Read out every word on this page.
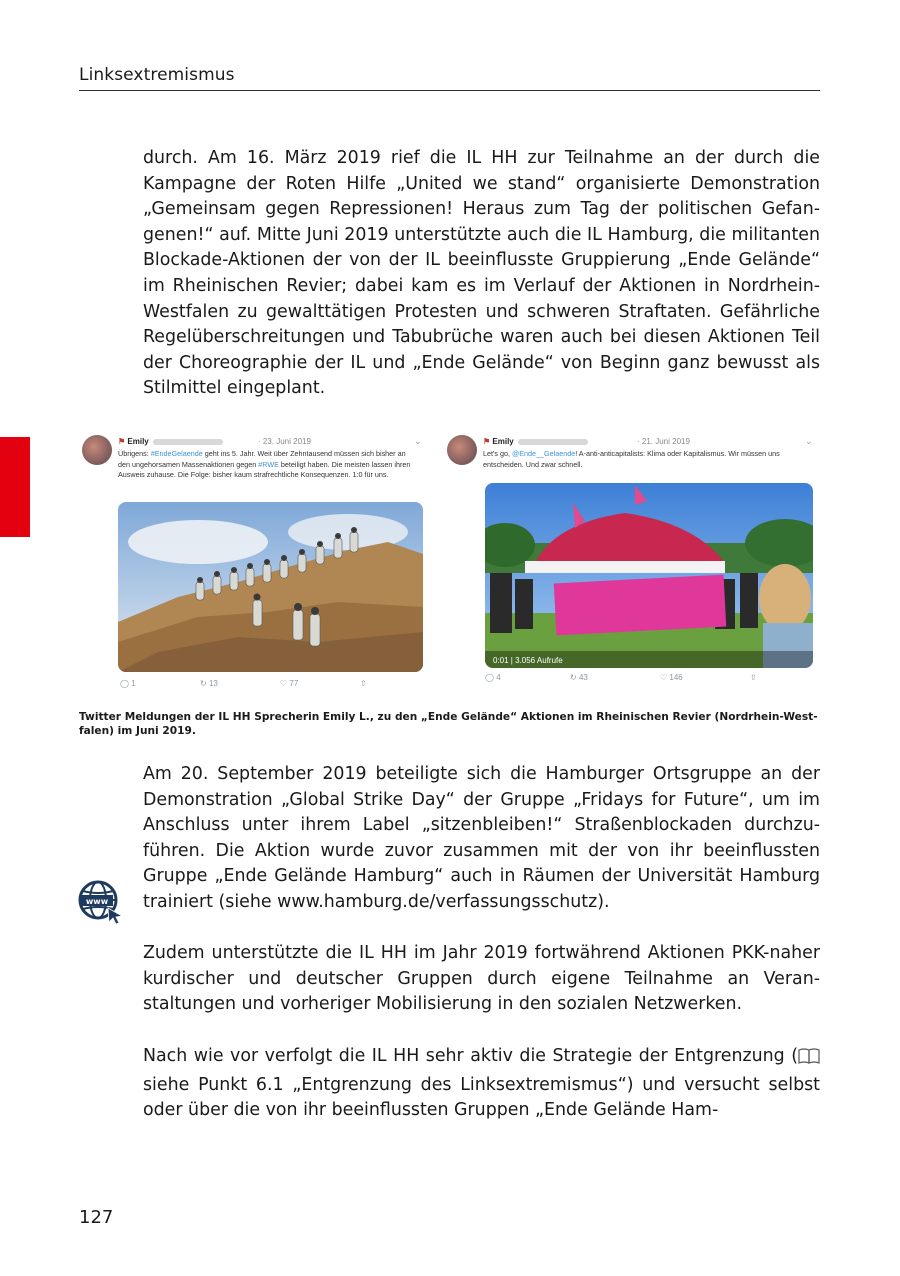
Linksextremismus

durch. Am 16. März 2019 rief die IL HH zur Teilnahme an der durch die Kampagne der Roten Hilfe „United we stand“ organisierte Demonstration „Gemeinsam gegen Repressionen! Heraus zum Tag der politischen Gefangenen!“ auf. Mitte Juni 2019 unterstützte auch die IL Hamburg, die militanten Blockade-Aktionen der von der IL beeinflusste Gruppierung „Ende Gelände“ im Rheinischen Revier; dabei kam es im Verlauf der Aktionen in Nordrhein-Westfalen zu gewalttätigen Protesten und schweren Straftaten. Gefährliche Regelüberschreitungen und Tabubrüche waren auch bei diesen Aktionen Teil der Choreographie der IL und „Ende Gelände“ von Beginn ganz bewusst als Stilmittel eingeplant.

⚑ Emily	· 23. Juni 2019	⌄
Übrigens: #EndeGelaende geht ins 5. Jahr. Weit über Zehntausend müssen sich bisher an den ungehorsamen Massenaktionen gegen #RWE beteiligt haben. Die meisten lassen ihren Ausweis zuhause. Die Folge: bisher kaum strafrechtliche Konsequenzen. 1:0 für uns.
◯ 1	↻ 13	♡ 77	⇧
⚑ Emily	· 21. Juni 2019	⌄
Let's go, @Ende__Gelaende! A-anti-anticapitalists: Klima oder Kapitalismus. Wir müssen uns entscheiden. Und zwar schnell.
0:01 | 3.056 Aufrufe
◯ 4	↻ 43	♡ 146	⇧

Twitter Meldungen der IL HH Sprecherin Emily L., zu den „Ende Gelände“ Aktionen im Rheinischen Revier (Nordrhein-Westfalen) im Juni 2019.

Am 20. September 2019 beteiligte sich die Hamburger Ortsgruppe an der Demonstration „Global Strike Day“ der Gruppe „Fridays for Future“, um im Anschluss unter ihrem Label „sitzenbleiben!“ Straßenblockaden durchzuführen. Die Aktion wurde zuvor zusammen mit der von ihr beeinflussten Gruppe „Ende Gelände Hamburg“ auch in Räumen der Universität Hamburg trainiert (siehe www.hamburg.de/verfassungsschutz).

www

Zudem unterstützte die IL HH im Jahr 2019 fortwährend Aktionen PKK-naher kurdischer und deutscher Gruppen durch eigene Teilnahme an Veranstaltungen und vorheriger Mobilisierung in den sozialen Netzwerken.

Nach wie vor verfolgt die IL HH sehr aktiv die Strategie der Entgrenzung ( siehe Punkt 6.1 „Entgrenzung des Linksextremismus“) und versucht selbst oder über die von ihr beeinflussten Gruppen „Ende Gelände Ham-

127
